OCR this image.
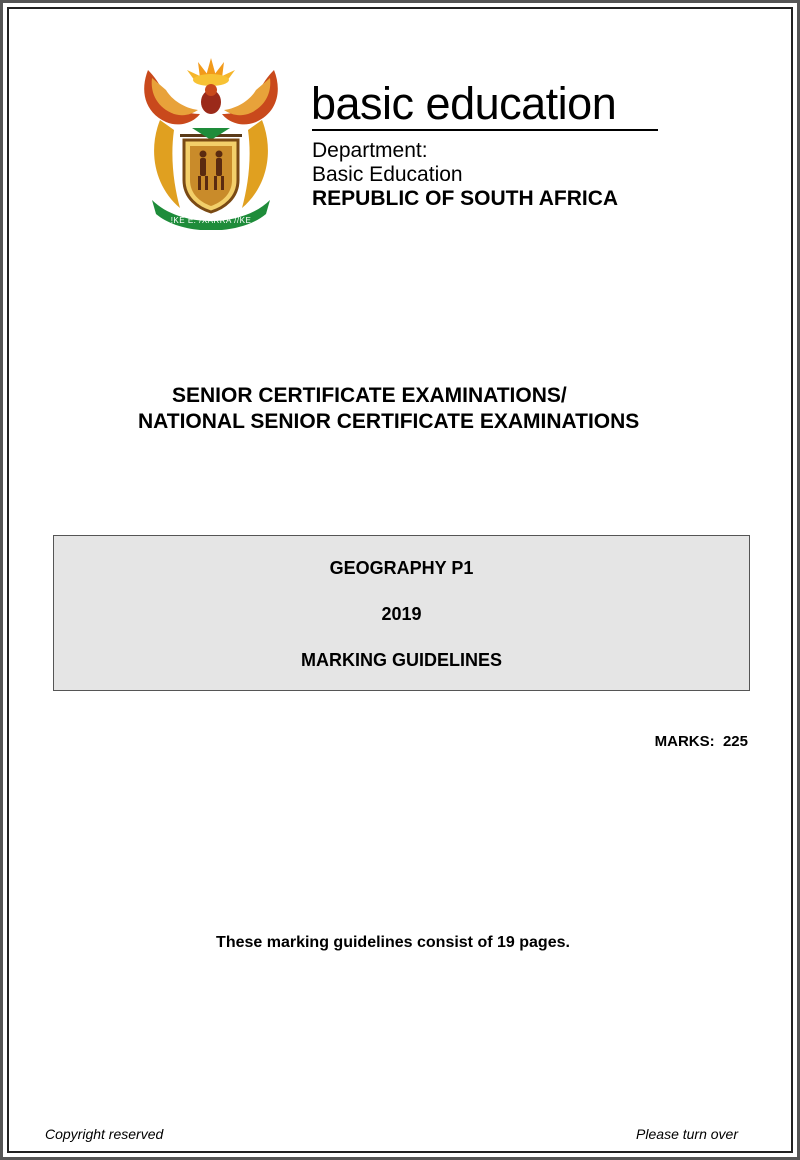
!KE E: /XARRA //KE
basic education
Department:
Basic Education
REPUBLIC OF SOUTH AFRICA
SENIOR CERTIFICATE EXAMINATIONS/
NATIONAL SENIOR CERTIFICATE EXAMINATIONS
GEOGRAPHY P1
2019
MARKING GUIDELINES
MARKS:  225
These marking guidelines consist of 19 pages.
Copyright reserved	Please turn over
